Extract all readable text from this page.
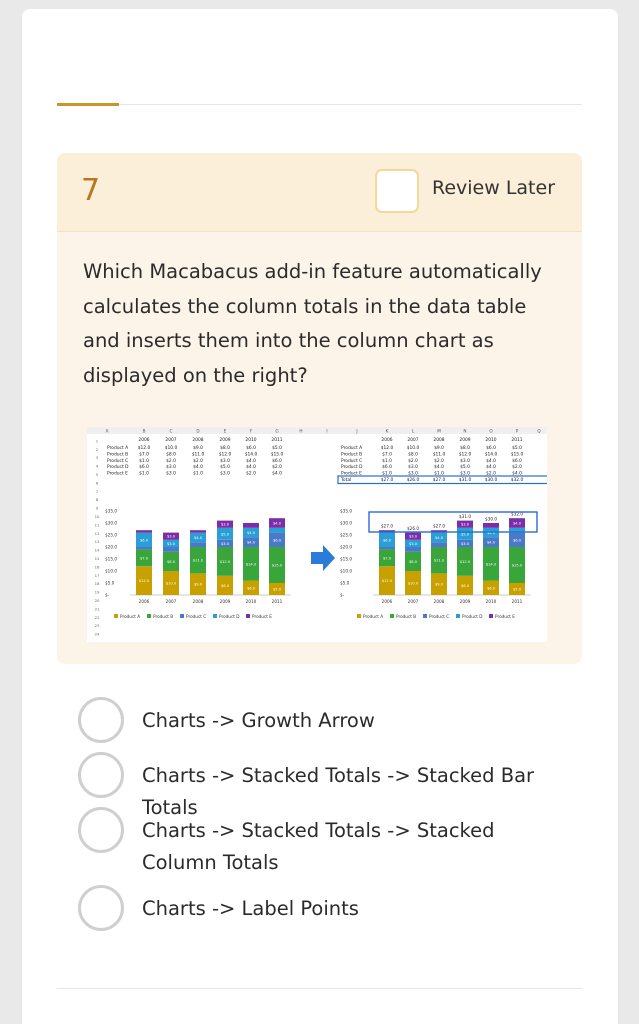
7	Review Later
Which Macabacus add-in feature automatically calculates the column totals in the data table and inserts them into the column chart as displayed on the right?
A	B	C	D	E	F	G	H	I	J	K	L	M	N	O	P	Q
1
2
3
4
5
6
7
8
9
10
11
12
13
14
15
16
17
18
19
20
21
22
23
24
2006	2007	2008	2009	2010	2011
Product A $12.0	$10.0	$9.0	$8.0	$6.0	$5.0
Product B	$7.0	$8.0	$11.0	$12.0	$14.0	$15.0
Product C $1.0	$2.0	$2.0	$3.0	$4.0	$6.0
Product D $6.0	$3.0	$4.0	$5.0	$4.0	$2.0
Product E	$1.0	$3.0	$1.0	$3.0	$2.0	$4.0
2006	2007	2008	2009	2010	2011
Product A	$12.0	$10.0	$9.0	$8.0	$6.0	$5.0
Product B	$7.0	$8.0	$11.0	$12.0	$14.0	$15.0
Product C	$1.0	$2.0	$2.0	$3.0	$4.0	$6.0
Product D	$6.0	$3.0	$4.0	$5.0	$4.0	$2.0
Product E	$1.0	$3.0	$1.0	$3.0	$2.0	$4.0
Total	$27.0	$26.0	$27.0	$31.0	$30.0	$32.0
$35.0
$30.0
$25.0
$20.0
$15.0
$10.0
$5.0
$-
$12.0
$7.0
$6.0
2006
$10.0
$8.0
$3.0
$3.0
2007
$9.0
$11.0
$4.0
2008
$8.0
$12.0
$3.0
$5.0
$3.0
2009
$6.0
$14.0
$4.0
$4.0
2010
$5.0
$15.0
$6.0
$4.0
2011
Product A	Product B	Product C	Product D	Product E
$35.0
$30.0
$25.0
$20.0
$15.0
$10.0
$5.0
$-
$12.0
$7.0
$6.0
2006
$27.0
$10.0
$8.0
$3.0
$3.0
2007
$26.0
$9.0
$11.0
$4.0
2008
$27.0
$8.0
$12.0
$3.0
$5.0
$3.0
2009
$31.0
$6.0
$14.0
$4.0
$4.0
2010
$30.0
$5.0
$15.0
$6.0
$4.0
2011
$32.0
Product A	Product B	Product C	Product D	Product E
Charts -> Growth Arrow
Charts -> Stacked Totals -> Stacked Bar Totals
Charts -> Stacked Totals -> Stacked Column Totals
Charts -> Label Points
